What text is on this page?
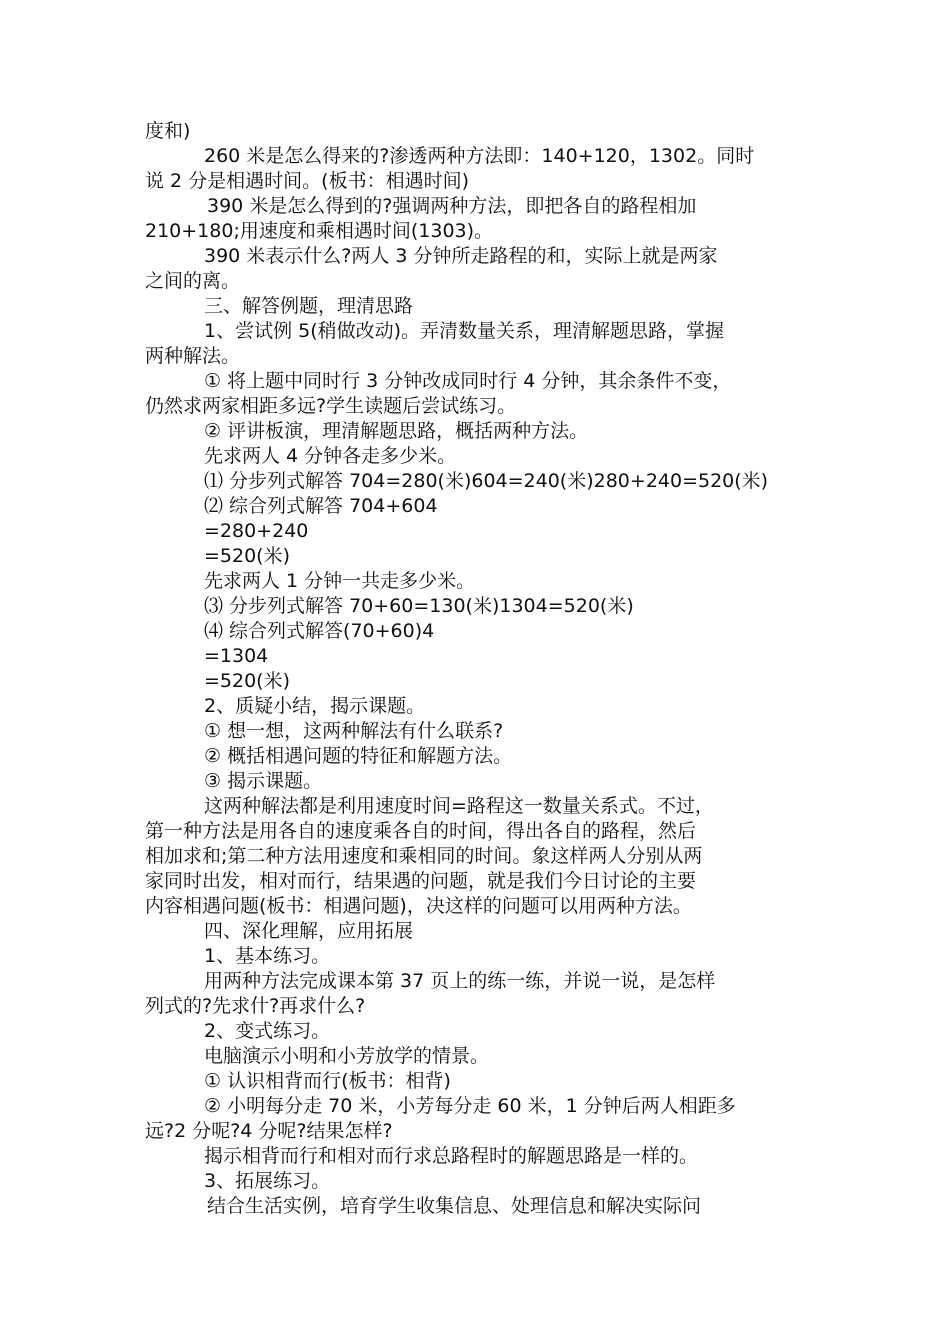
度和)

260 米是怎么得来的?渗透两种方法即：140+120，1302。同时

说 2 分是相遇时间。(板书：相遇时间)

390 米是怎么得到的?强调两种方法，即把各自的路程相加

210+180;用速度和乘相遇时间(1303)。

390 米表示什么?两人 3 分钟所走路程的和，实际上就是两家

之间的离。

三、解答例题，理清思路

1、尝试例 5(稍做改动)。弄清数量关系，理清解题思路，掌握

两种解法。

① 将上题中同时行 3 分钟改成同时行 4 分钟，其余条件不变，

仍然求两家相距多远?学生读题后尝试练习。

② 评讲板演，理清解题思路，概括两种方法。

先求两人 4 分钟各走多少米。

⑴ 分步列式解答 704=280(米)604=240(米)280+240=520(米)

⑵ 综合列式解答 704+604

=280+240

=520(米)

先求两人 1 分钟一共走多少米。

⑶ 分步列式解答 70+60=130(米)1304=520(米)

⑷ 综合列式解答(70+60)4

=1304

=520(米)

2、质疑小结，揭示课题。

① 想一想，这两种解法有什么联系?

② 概括相遇问题的特征和解题方法。

③ 揭示课题。

这两种解法都是利用速度时间=路程这一数量关系式。不过，

第一种方法是用各自的速度乘各自的时间，得出各自的路程，然后

相加求和;第二种方法用速度和乘相同的时间。象这样两人分别从两

家同时出发，相对而行，结果遇的问题，就是我们今日讨论的主要

内容相遇问题(板书：相遇问题)，决这样的问题可以用两种方法。

四、深化理解，应用拓展

1、基本练习。

用两种方法完成课本第 37 页上的练一练，并说一说，是怎样

列式的?先求什?再求什么?

2、变式练习。

电脑演示小明和小芳放学的情景。

① 认识相背而行(板书：相背)

② 小明每分走 70 米，小芳每分走 60 米，1 分钟后两人相距多

远?2 分呢?4 分呢?结果怎样?

揭示相背而行和相对而行求总路程时的解题思路是一样的。

3、拓展练习。

结合生活实例，培育学生收集信息、处理信息和解决实际问
